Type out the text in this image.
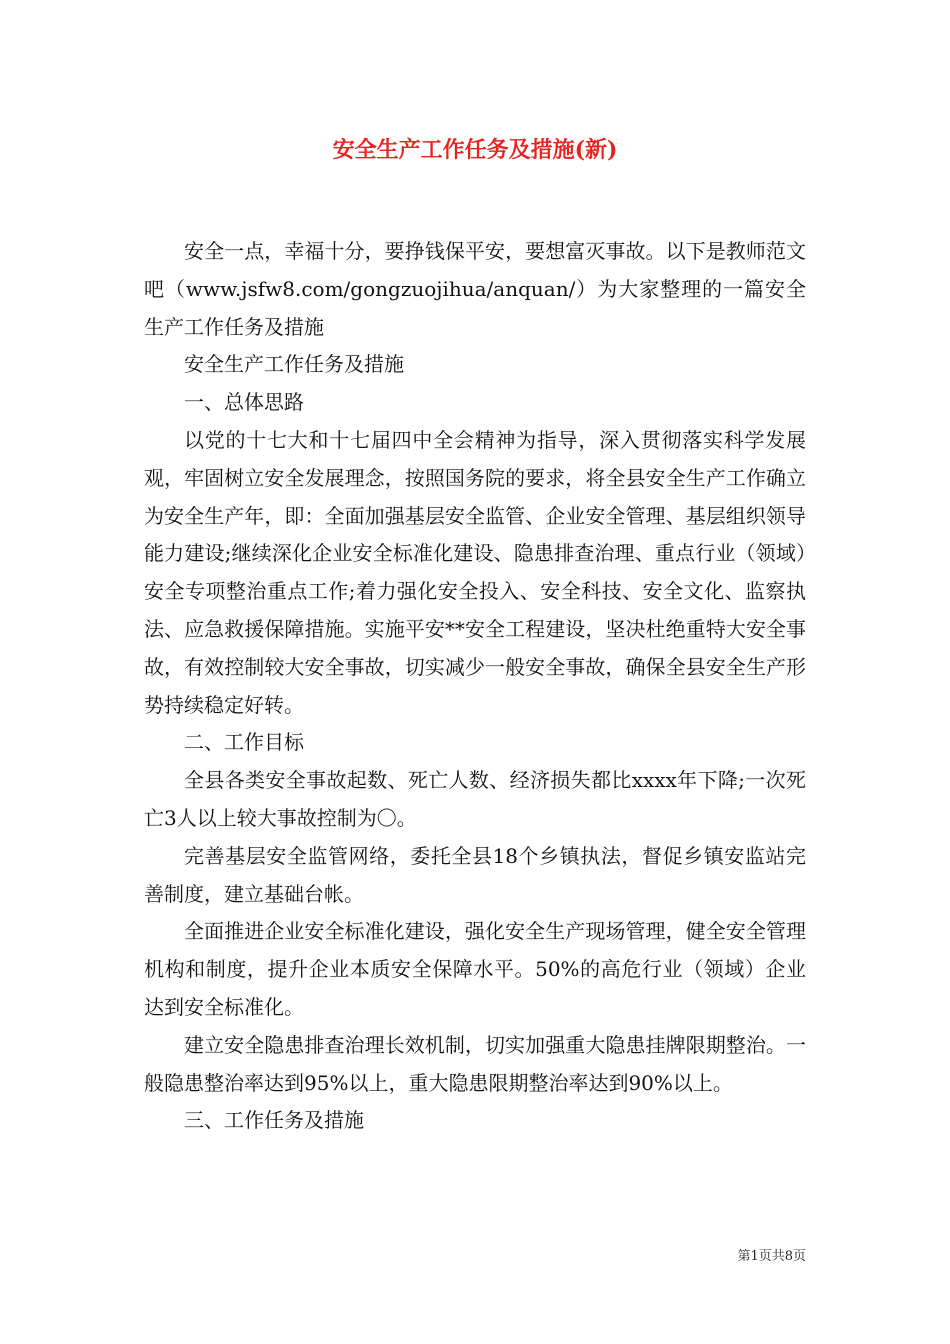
安全生产工作任务及措施(新)

安全一点，幸福十分，要挣钱保平安，要想富灭事故。以下是教师范文吧（www.jsfw8.com/gongzuojihua/anquan/）为大家整理的一篇安全生产工作任务及措施

安全生产工作任务及措施

一、总体思路

以党的十七大和十七届四中全会精神为指导，深入贯彻落实科学发展观，牢固树立安全发展理念，按照国务院的要求，将全县安全生产工作确立为安全生产年，即：全面加强基层安全监管、企业安全管理、基层组织领导能力建设;继续深化企业安全标准化建设、隐患排查治理、重点行业（领域）安全专项整治重点工作;着力强化安全投入、安全科技、安全文化、监察执法、应急救援保障措施。实施平安**安全工程建设，坚决杜绝重特大安全事故，有效控制较大安全事故，切实减少一般安全事故，确保全县安全生产形势持续稳定好转。

二、工作目标

全县各类安全事故起数、死亡人数、经济损失都比xxxx年下降;一次死亡3人以上较大事故控制为〇。

完善基层安全监管网络，委托全县18个乡镇执法，督促乡镇安监站完善制度，建立基础台帐。

全面推进企业安全标准化建设，强化安全生产现场管理，健全安全管理机构和制度，提升企业本质安全保障水平。50%的高危行业（领域）企业达到安全标准化。

建立安全隐患排查治理长效机制，切实加强重大隐患挂牌限期整治。一般隐患整治率达到95%以上，重大隐患限期整治率达到90%以上。

三、工作任务及措施

第1页共8页
